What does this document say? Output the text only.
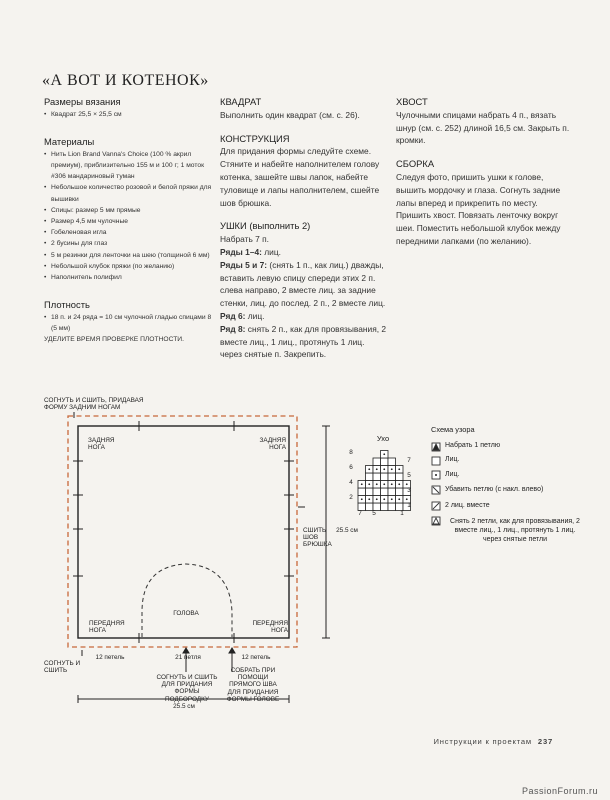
«А ВОТ И КОТЕНОК»
Размеры вязания
• Квадрат 25,5 × 25,5 см
Материалы
• Нить Lion Brand Vanna's Choice (100 % акрил премиум), приблизительно 155 м и 100 г; 1 моток #306 мандариновый туман
• Небольшое количество розовой и белой пряжи для вышивки
• Спицы: размер 5 мм прямые
• Размер 4,5 мм чулочные
• Гобеленовая игла
• 2 бусины для глаз
• 5 м резинки для ленточки на шею (толщиной 6 мм)
• Небольшой клубок пряжи (по желанию)
• Наполнитель полифил
Плотность
• 18 п. и 24 ряда = 10 см чулочной гладью спицами 8 (5 мм)
УДЕЛИТЕ ВРЕМЯ ПРОВЕРКЕ ПЛОТНОСТИ.
КВАДРАТ

Выполнить один квадрат (см. с. 26).

КОНСТРУКЦИЯ

Для придания формы следуйте схеме. Стяните и набейте наполнителем голову котенка, зашейте швы лапок, набейте туловище и лапы наполнителем, сшейте шов брюшка.

УШКИ (выполнить 2)

Набрать 7 п.

Ряды 1–4: лиц.

Ряды 5 и 7: (снять 1 п., как лиц.) дважды, вставить левую спицу спереди этих 2 п. слева направо, 2 вместе лиц. за задние стенки, лиц. до послед. 2 п., 2 вместе лиц.

Ряд 6: лиц.

Ряд 8: снять 2 п., как для провязывания, 2 вместе лиц., 1 лиц., протянуть 1 лиц. через снятые п. Закрепить.

ХВОСТ

Чулочными спицами набрать 4 п., вязать шнур (см. с. 252) длиной 16,5 см. Закрыть п. кромки.

СБОРКА

Следуя фото, пришить ушки к голове, вышить мордочку и глаза. Согнуть задние лапы вперед и прикрепить по месту. Пришить хвост. Повязать ленточку вокруг шеи. Поместить небольшой клубок между передними лапками (по желанию).

СОГНУТЬ И СШИТЬ, ПРИДАВАЯ ФОРМУ ЗАДНИМ НОГАМ
ЗАДНЯЯ НОГА
ЗАДНЯЯ НОГА
ГОЛОВА
ПЕРЕДНЯЯ НОГА
ПЕРЕДНЯЯ НОГА
СШИТЬ ШОВ БРЮШКА
25.5 см
СОГНУТЬ И СШИТЬ
12 петель	21 петля	12 петель
СОГНУТЬ И СШИТЬ ДЛЯ ПРИДАНИЯ ФОРМЫ ПОДБОРОДКУ
СОБРАТЬ ПРИ ПОМОЩИ ПРЯМОГО ШВА ДЛЯ ПРИДАНИЯ ФОРМЫ ГОЛОВЕ
25.5 см
Ухо
8
6
4
2
7
5
3
1
7	5	1
Схема узора
Набрать 1 петлю
Лиц.
Лиц.
Убавить петлю (с накл. влево)
2 лиц. вместе
Снять 2 петли, как для провязывания, 2 вместе лиц., 1 лиц., протянуть 1 лиц. через снятые петли
Инструкции к проектам 237
PassionForum.ru
